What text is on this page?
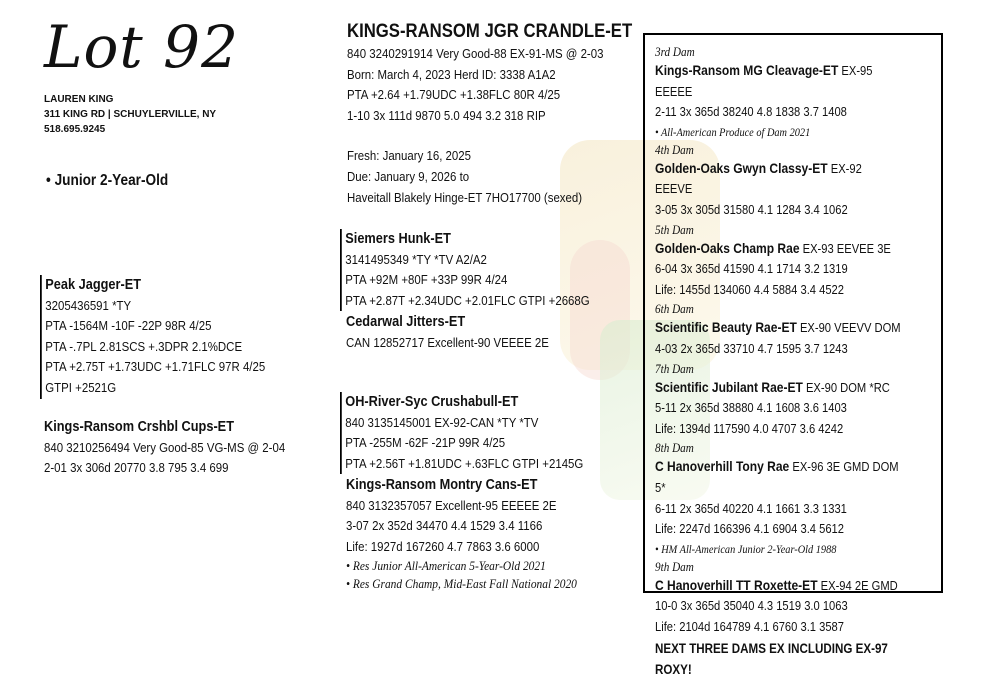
Lot 92
LAUREN KING
311 KING RD | SCHUYLERVILLE, NY
518.695.9245
• Junior 2-Year-Old
KINGS-RANSOM JGR CRANDLE-ET
840 3240291914 Very Good-88 EX-91-MS @ 2-03
Born: March 4, 2023 Herd ID: 3338 A1A2
PTA +2.64 +1.79UDC +1.38FLC 80R 4/25
1-10 3x 111d 9870 5.0 494 3.2 318 RIP
Fresh: January 16, 2025
Due: January 9, 2026 to
Haveitall Blakely Hinge-ET 7HO17700 (sexed)
Peak Jagger-ET
3205436591 *TY
PTA -1564M -10F -22P 98R 4/25
PTA -.7PL 2.81SCS +.3DPR 2.1%DCE
PTA +2.75T +1.73UDC +1.71FLC 97R 4/25
GTPI +2521G
Kings-Ransom Crshbl Cups-ET
840 3210256494 Very Good-85 VG-MS @ 2-04
2-01 3x 306d 20770 3.8 795 3.4 699
Siemers Hunk-ET
3141495349 *TY *TV A2/A2
PTA +92M +80F +33P 99R 4/24
PTA +2.87T +2.34UDC +2.01FLC GTPI +2668G
Cedarwal Jitters-ET
CAN 12852717 Excellent-90 VEEEE 2E
OH-River-Syc Crushabull-ET
840 3135145001 EX-92-CAN *TY *TV
PTA -255M -62F -21P 99R 4/25
PTA +2.56T +1.81UDC +.63FLC GTPI +2145G
Kings-Ransom Montry Cans-ET
840 3132357057 Excellent-95 EEEEE 2E
3-07 2x 352d 34470 4.4 1529 3.4 1166
Life: 1927d 167260 4.7 7863 3.6 6000
• Res Junior All-American 5-Year-Old 2021
• Res Grand Champ, Mid-East Fall National 2020
3rd Dam
Kings-Ransom MG Cleavage-ET EX-95 EEEEE
2-11 3x 365d 38240 4.8 1838 3.7 1408
• All-American Produce of Dam 2021
4th Dam
Golden-Oaks Gwyn Classy-ET EX-92 EEEVE
3-05 3x 305d 31580 4.1 1284 3.4 1062
5th Dam
Golden-Oaks Champ Rae EX-93 EEVEE 3E
6-04 3x 365d 41590 4.1 1714 3.2 1319
Life: 1455d 134060 4.4 5884 3.4 4522
6th Dam
Scientific Beauty Rae-ET EX-90 VEEVV DOM
4-03 2x 365d 33710 4.7 1595 3.7 1243
7th Dam
Scientific Jubilant Rae-ET EX-90 DOM *RC
5-11 2x 365d 38880 4.1 1608 3.6 1403
Life: 1394d 117590 4.0 4707 3.6 4242
8th Dam
C Hanoverhill Tony Rae EX-96 3E GMD DOM 5*
6-11 2x 365d 40220 4.1 1661 3.3 1331
Life: 2247d 166396 4.1 6904 3.4 5612
• HM All-American Junior 2-Year-Old 1988
9th Dam
C Hanoverhill TT Roxette-ET EX-94 2E GMD
10-0 3x 365d 35040 4.3 1519 3.0 1063
Life: 2104d 164789 4.1 6760 3.1 3587
NEXT THREE DAMS EX INCLUDING EX-97 ROXY!
